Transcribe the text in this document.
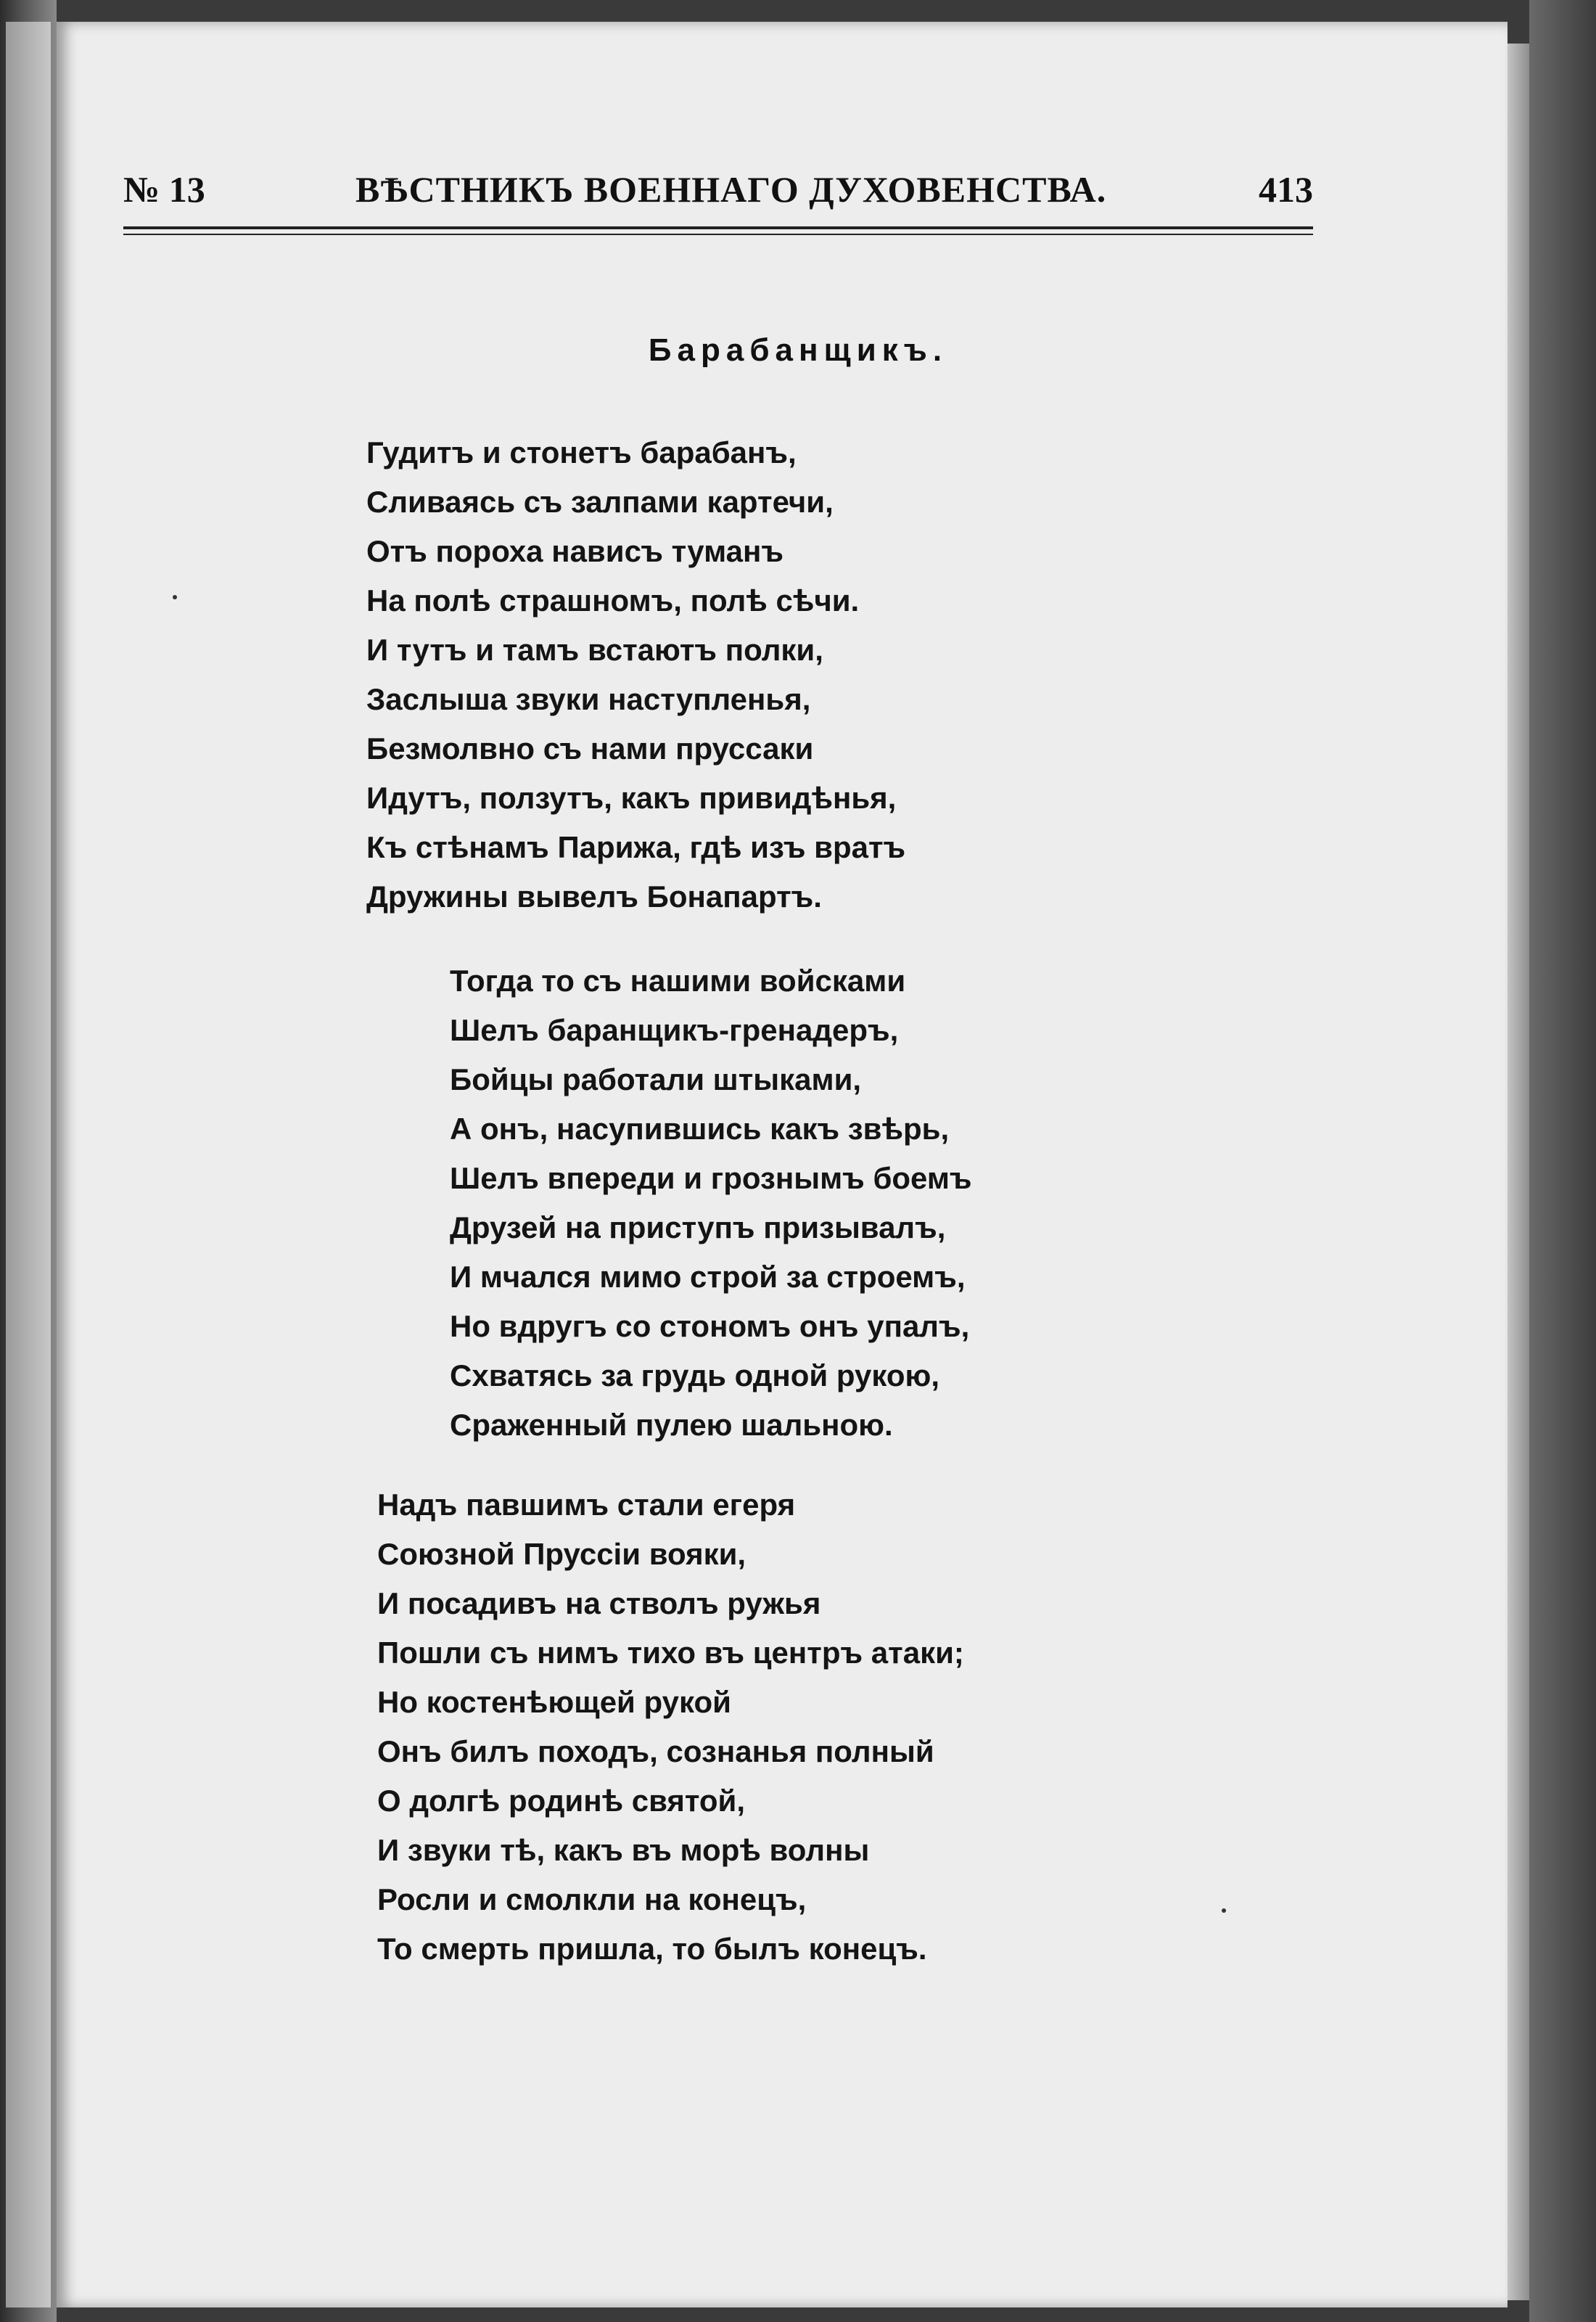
№ 13	ВѢСТНИКЪ ВОЕННАГО ДУХОВЕНСТВА.	413
Барабанщикъ.
Гудитъ и стонетъ барабанъ,
Сливаясь съ залпами картечи,
Отъ пороха нависъ туманъ
На полѣ страшномъ, полѣ сѣчи.
И тутъ и тамъ встаютъ полки,
Заслыша звуки наступленья,
Безмолвно съ нами пруссаки
Идутъ, ползутъ, какъ привидѣнья,
Къ стѣнамъ Парижа, гдѣ изъ вратъ
Дружины вывелъ Бонапартъ.
Тогда то съ нашими войсками
Шелъ баранщикъ-гренадеръ,
Бойцы работали штыками,
А онъ, насупившись какъ звѣрь,
Шелъ впереди и грознымъ боемъ
Друзей на приступъ призывалъ,
И мчался мимо строй за строемъ,
Но вдругъ со стономъ онъ упалъ,
Схватясь за грудь одной рукою,
Сраженный пулею шальною.
Надъ павшимъ стали егеря
Союзной Пруссіи вояки,
И посадивъ на стволъ ружья
Пошли съ нимъ тихо въ центръ атаки;
Но костенѣющей рукой
Онъ билъ походъ, сознанья полный
О долгѣ родинѣ святой,
И звуки тѣ, какъ въ морѣ волны
Росли и смолкли на конецъ,
То смерть пришла, то былъ конецъ.
